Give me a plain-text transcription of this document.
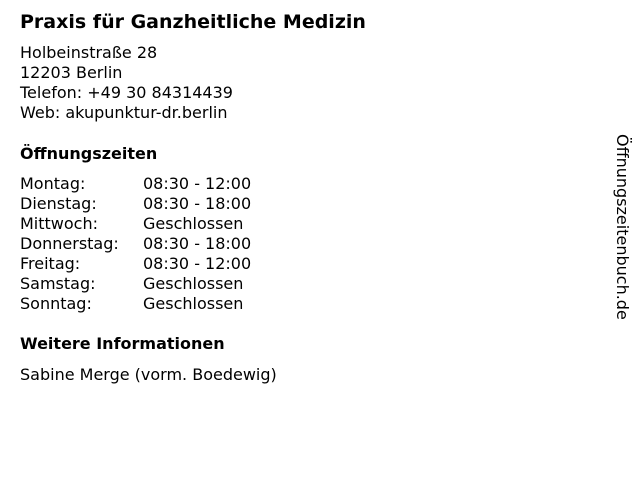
Praxis für Ganzheitliche Medizin
Holbeinstraße 28
12203 Berlin
Telefon: +49 30 84314439
Web: akupunktur-dr.berlin
Öffnungszeiten
Montag:	08:30 - 12:00
Dienstag:	08:30 - 18:00
Mittwoch:	Geschlossen
Donnerstag:	08:30 - 18:00
Freitag:	08:30 - 12:00
Samstag:	Geschlossen
Sonntag:	Geschlossen
Weitere Informationen
Sabine Merge (vorm. Boedewig)
Öffnungszeitenbuch.de
